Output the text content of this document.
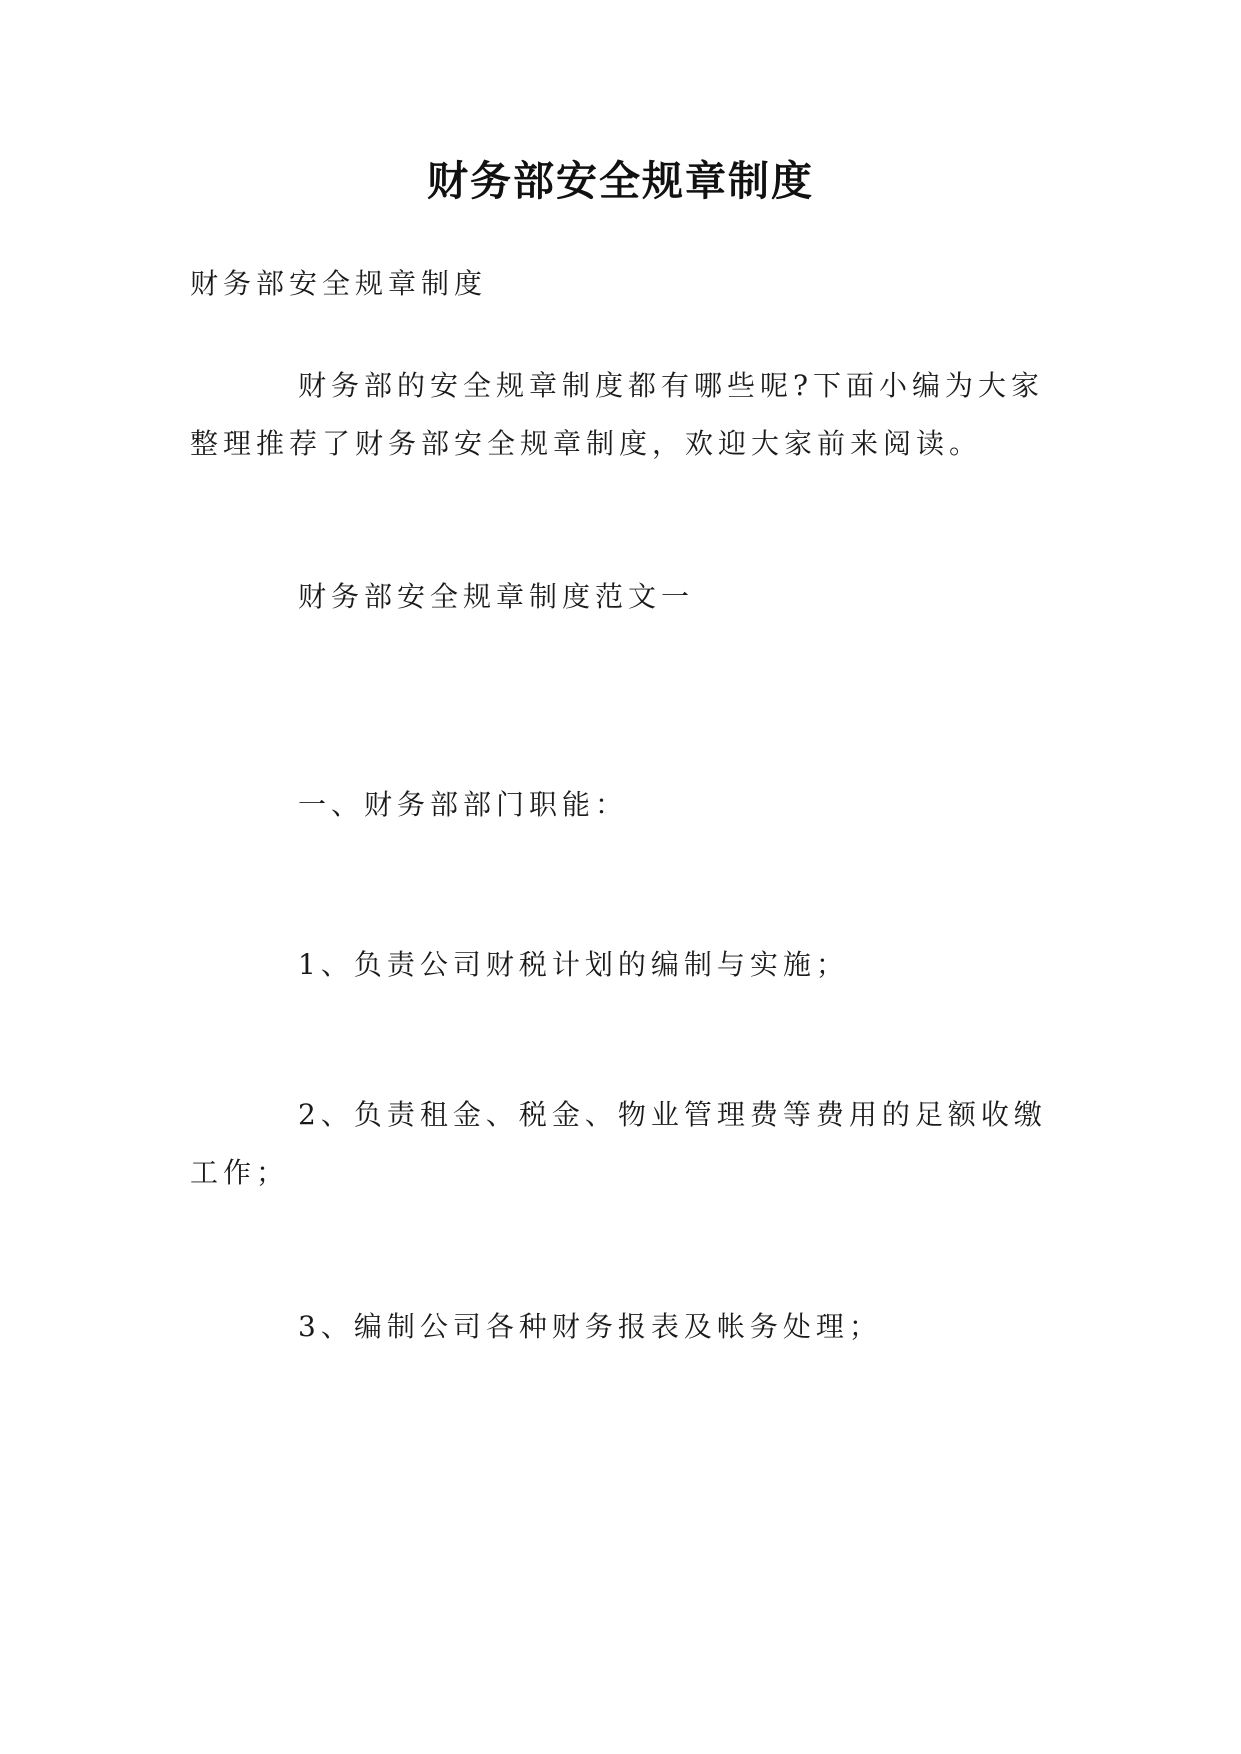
财务部安全规章制度
财务部安全规章制度
财务部的安全规章制度都有哪些呢?下面小编为大家
整理推荐了财务部安全规章制度，欢迎大家前来阅读。
财务部安全规章制度范文一
一、财务部部门职能：
1、负责公司财税计划的编制与实施；
2、负责租金、税金、物业管理费等费用的足额收缴
工作；
3、编制公司各种财务报表及帐务处理；
